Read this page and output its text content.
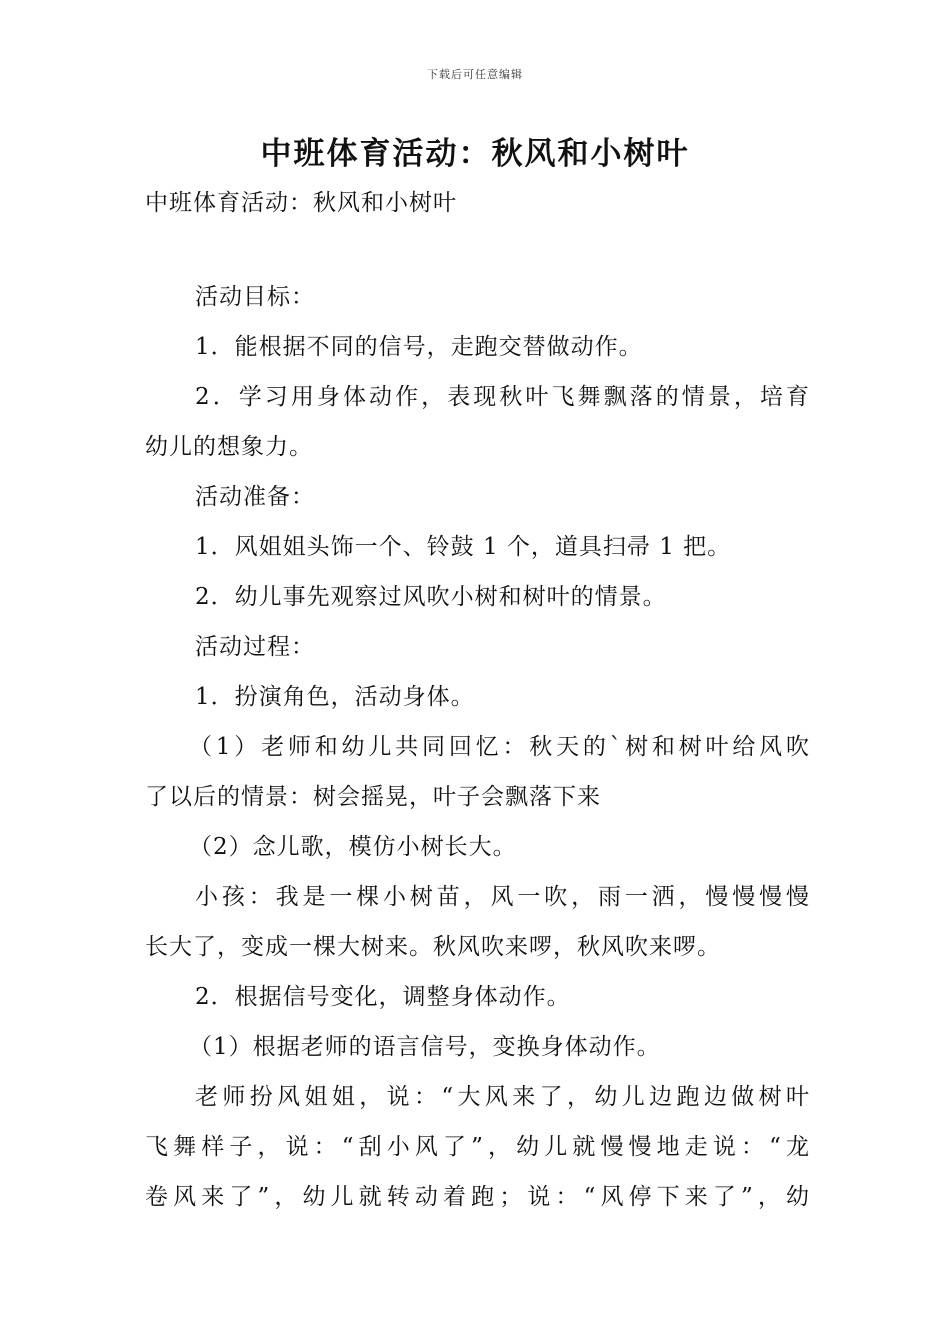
下载后可任意编辑
中班体育活动：秋风和小树叶
中班体育活动：秋风和小树叶
活动目标：
1．能根据不同的信号，走跑交替做动作。
2．学习用身体动作，表现秋叶飞舞飘落的情景，培育
幼儿的想象力。
活动准备：
1．风姐姐头饰一个、铃鼓 1 个，道具扫帚 1 把。
2．幼儿事先观察过风吹小树和树叶的情景。
活动过程：
1．扮演角色，活动身体。
（1）老师和幼儿共同回忆：秋天的`树和树叶给风吹
了以后的情景：树会摇晃，叶子会飘落下来
（2）念儿歌，模仿小树长大。
小孩：我是一棵小树苗，风一吹，雨一洒，慢慢慢慢
长大了，变成一棵大树来。秋风吹来啰，秋风吹来啰。
2．根据信号变化，调整身体动作。
（1）根据老师的语言信号，变换身体动作。
老师扮风姐姐，说：“大风来了，幼儿边跑边做树叶
飞舞样子，说：“刮小风了”，幼儿就慢慢地走说：“龙
卷风来了”，幼儿就转动着跑；说：“风停下来了”，幼
